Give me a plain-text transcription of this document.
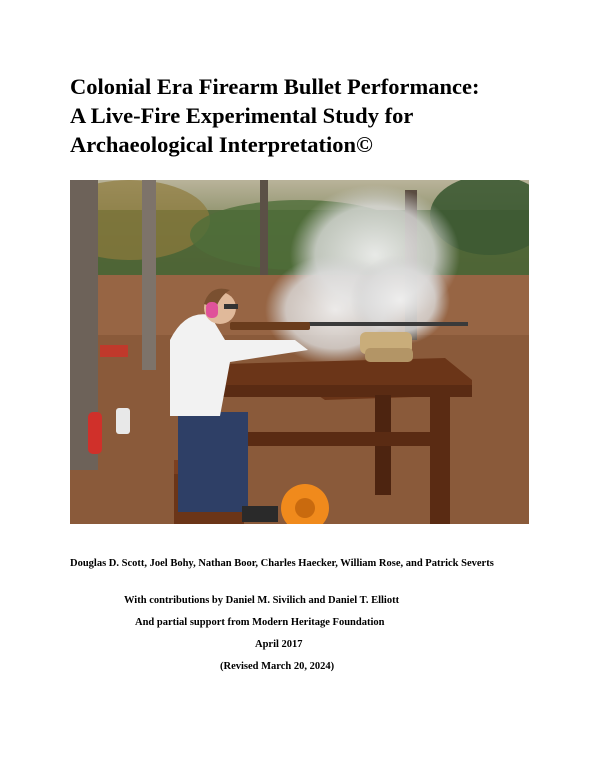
Colonial Era Firearm Bullet Performance:
A Live-Fire Experimental Study for
Archaeological Interpretation©
Douglas D. Scott, Joel Bohy, Nathan Boor, Charles Haecker, William Rose, and Patrick Severts
With contributions by Daniel M. Sivilich and Daniel T. Elliott
And partial support from Modern Heritage Foundation
April 2017
(Revised March 20, 2024)
